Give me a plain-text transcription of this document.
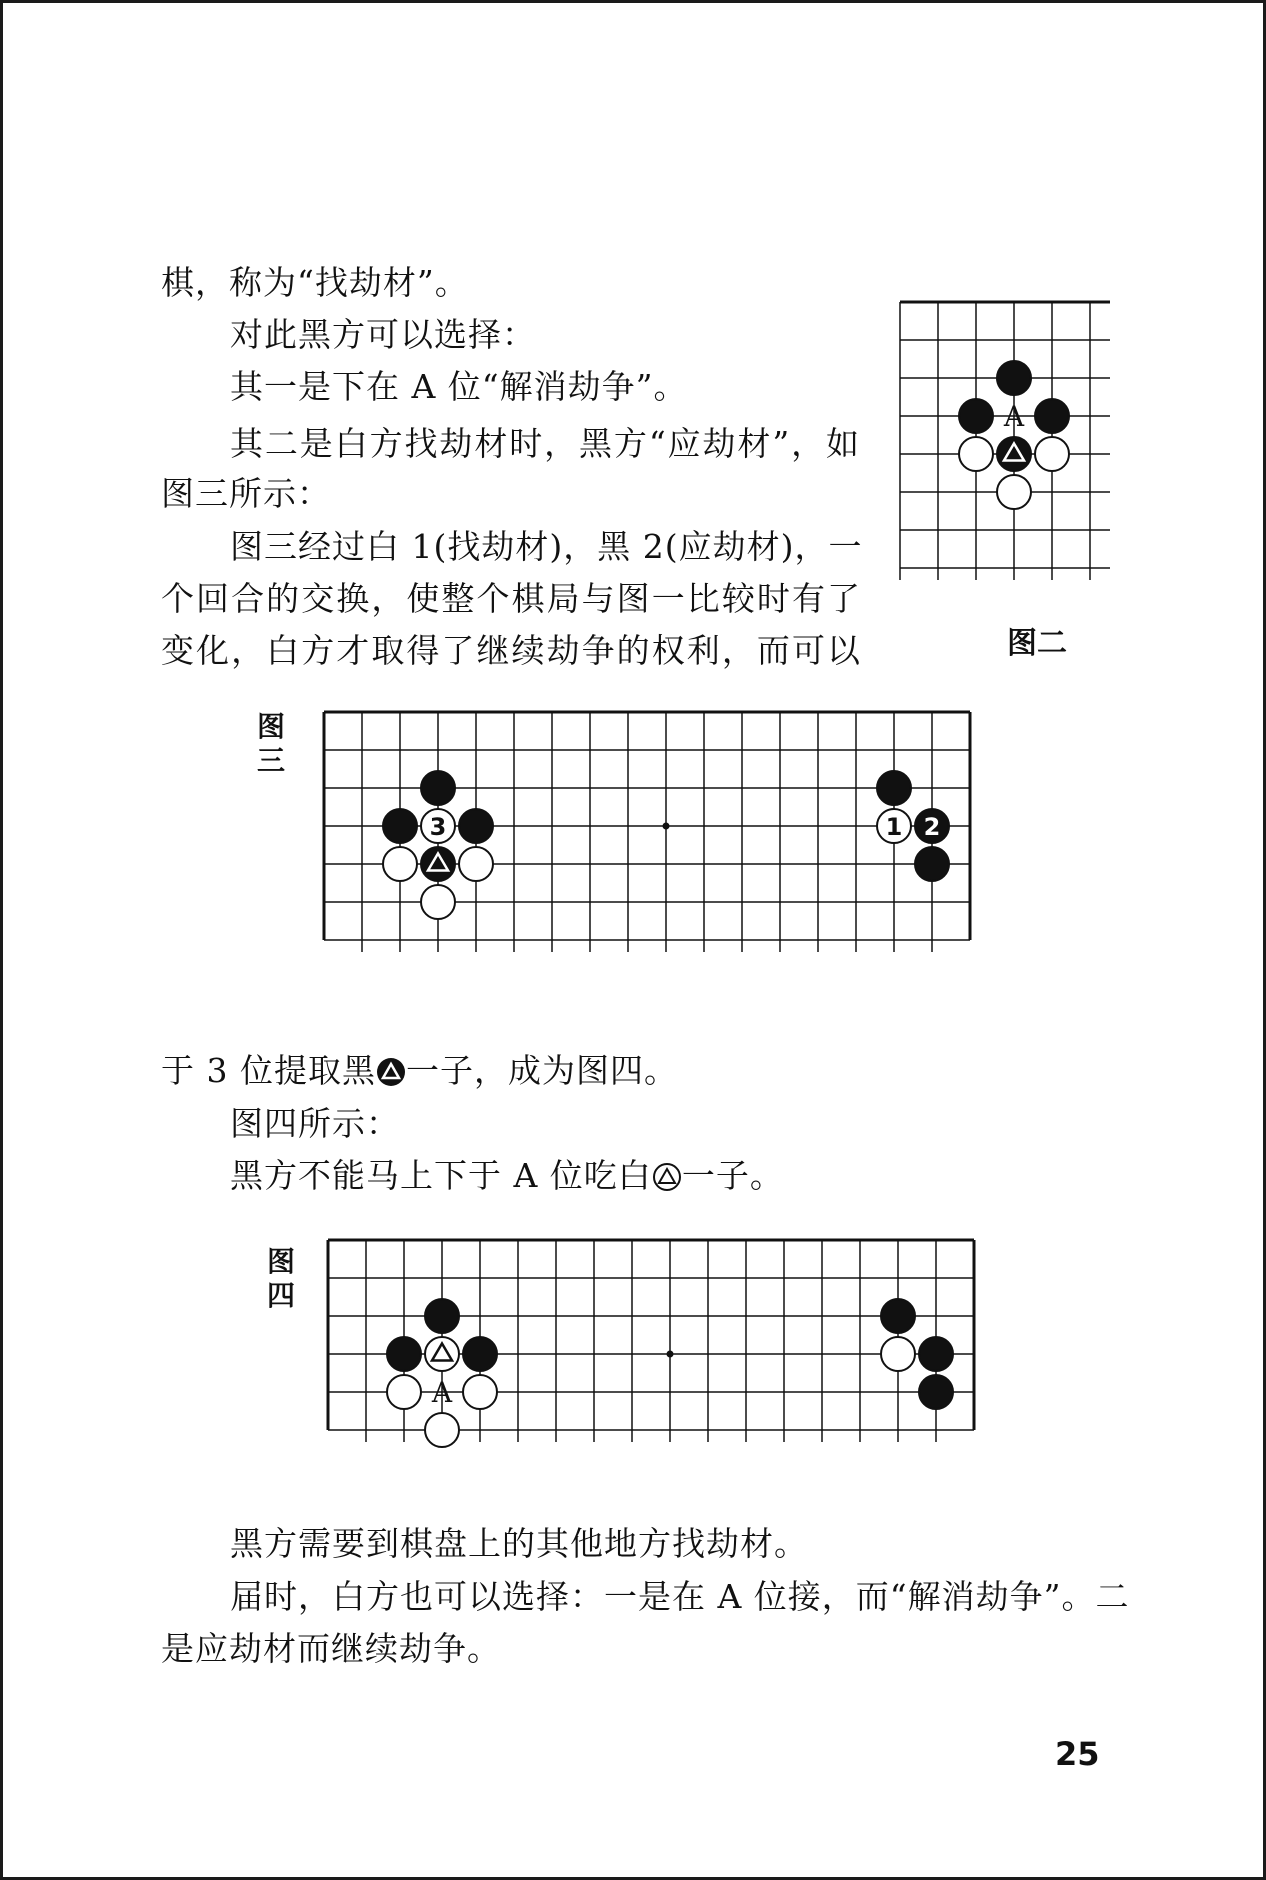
棋，称为“找劫材”。
对此黑方可以选择：
其一是下在 A 位“解消劫争”。
其二是白方找劫材时，黑方“应劫材”，如
图三所示：
图三经过白 1(找劫材)，黑 2(应劫材)，一
个回合的交换，使整个棋局与图一比较时有了
变化，白方才取得了继续劫争的权利，而可以
于 3 位提取黑 一子，成为图四。
图四所示：
黑方不能马上下于 A 位吃白 一子。
黑方需要到棋盘上的其他地方找劫材。
届时，白方也可以选择：一是在 A 位接，而“解消劫争”。二
是应劫材而继续劫争。
A
图二
图三
3	1 2
图四
A
25
